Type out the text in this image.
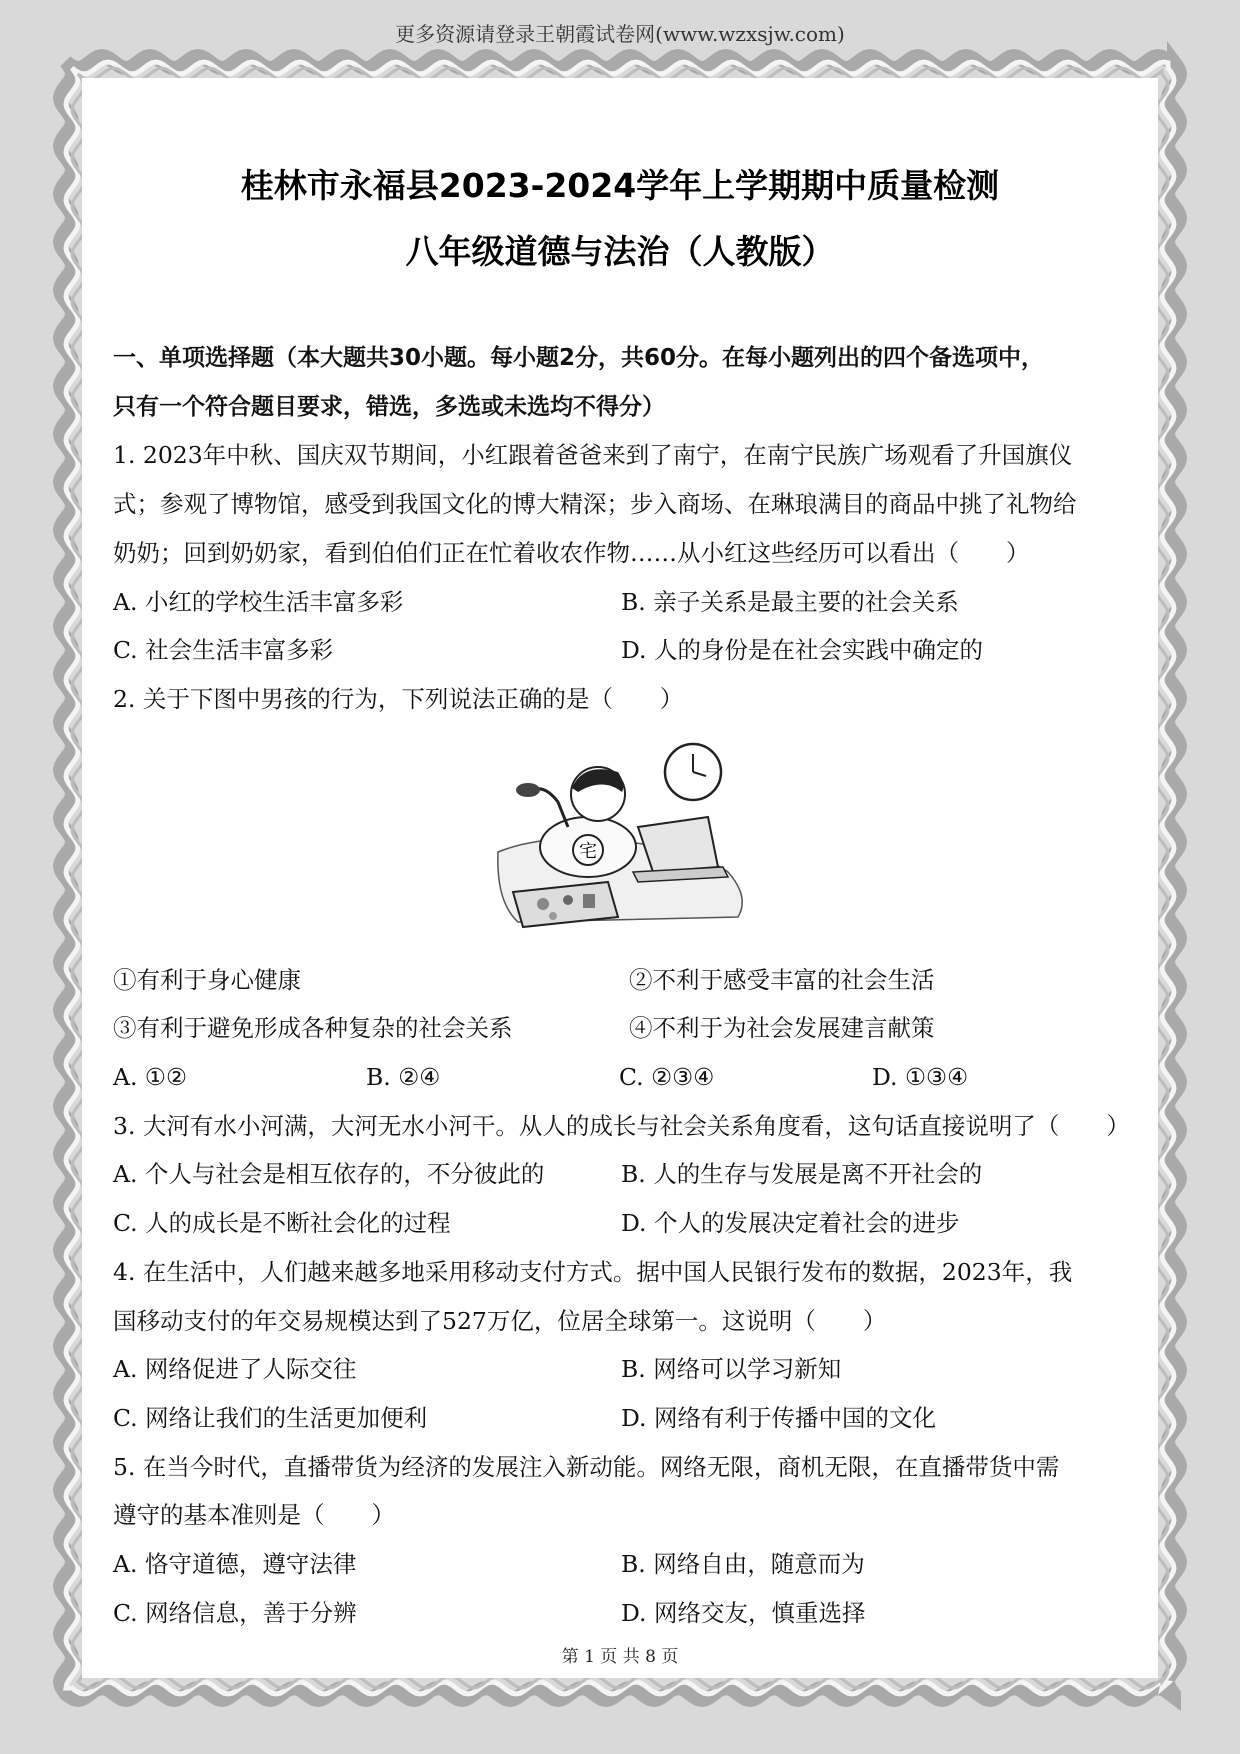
更多资源请登录王朝霞试卷网(www.wzxsjw.com)
桂林市永福县2023-2024学年上学期期中质量检测
八年级道德与法治（人教版）
一、单项选择题（本大题共30小题。每小题2分，共60分。在每小题列出的四个备选项中，
只有一个符合题目要求，错选，多选或未选均不得分）
1. 2023年中秋、国庆双节期间，小红跟着爸爸来到了南宁，在南宁民族广场观看了升国旗仪
式；参观了博物馆，感受到我国文化的博大精深；步入商场、在琳琅满目的商品中挑了礼物给
奶奶；回到奶奶家，看到伯伯们正在忙着收农作物……从小红这些经历可以看出（　　）
A. 小红的学校生活丰富多彩	B. 亲子关系是最主要的社会关系
C. 社会生活丰富多彩	D. 人的身份是在社会实践中确定的
2. 关于下图中男孩的行为，下列说法正确的是（　　）
宅
①有利于身心健康	②不利于感受丰富的社会生活
③有利于避免形成各种复杂的社会关系	④不利于为社会发展建言献策
A. ①②	B. ②④	C. ②③④	D. ①③④
3. 大河有水小河满，大河无水小河干。从人的成长与社会关系角度看，这句话直接说明了（　　）
A. 个人与社会是相互依存的，不分彼此的	B. 人的生存与发展是离不开社会的
C. 人的成长是不断社会化的过程	D. 个人的发展决定着社会的进步
4. 在生活中，人们越来越多地采用移动支付方式。据中国人民银行发布的数据，2023年，我
国移动支付的年交易规模达到了527万亿，位居全球第一。这说明（　　）
A. 网络促进了人际交往	B. 网络可以学习新知
C. 网络让我们的生活更加便利	D. 网络有利于传播中国的文化
5. 在当今时代，直播带货为经济的发展注入新动能。网络无限，商机无限，在直播带货中需
遵守的基本准则是（　　）
A. 恪守道德，遵守法律	B. 网络自由，随意而为
C. 网络信息，善于分辨	D. 网络交友，慎重选择
第 1 页 共 8 页
